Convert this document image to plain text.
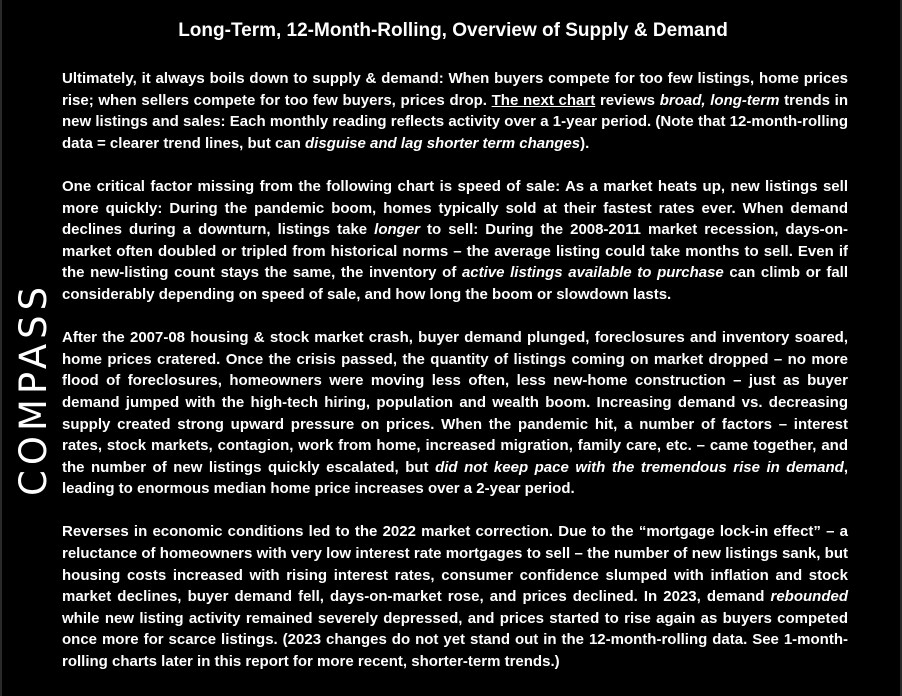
Long-Term, 12-Month-Rolling, Overview of Supply & Demand
COMPASS

Ultimately, it always boils down to supply & demand: When buyers compete for too few listings, home prices rise; when sellers compete for too few buyers, prices drop. The next chart reviews broad, long-term trends in new listings and sales: Each monthly reading reflects activity over a 1-year period. (Note that 12-month-rolling data = clearer trend lines, but can disguise and lag shorter term changes).

One critical factor missing from the following chart is speed of sale: As a market heats up, new listings sell more quickly: During the pandemic boom, homes typically sold at their fastest rates ever. When demand declines during a downturn, listings take longer to sell: During the 2008-2011 market recession, days-on-market often doubled or tripled from historical norms – the average listing could take months to sell. Even if the new-listing count stays the same, the inventory of active listings available to purchase can climb or fall considerably depending on speed of sale, and how long the boom or slowdown lasts.

After the 2007-08 housing & stock market crash, buyer demand plunged, foreclosures and inventory soared, home prices cratered. Once the crisis passed, the quantity of listings coming on market dropped – no more flood of foreclosures, homeowners were moving less often, less new-home construction – just as buyer demand jumped with the high-tech hiring, population and wealth boom. Increasing demand vs. decreasing supply created strong upward pressure on prices. When the pandemic hit, a number of factors – interest rates, stock markets, contagion, work from home, increased migration, family care, etc. – came together, and the number of new listings quickly escalated, but did not keep pace with the tremendous rise in demand, leading to enormous median home price increases over a 2-year period.

Reverses in economic conditions led to the 2022 market correction. Due to the “mortgage lock-in effect” – a reluctance of homeowners with very low interest rate mortgages to sell – the number of new listings sank, but housing costs increased with rising interest rates, consumer confidence slumped with inflation and stock market declines, buyer demand fell, days-on-market rose, and prices declined. In 2023, demand rebounded while new listing activity remained severely depressed, and prices started to rise again as buyers competed once more for scarce listings. (2023 changes do not yet stand out in the 12-month-rolling data. See 1-month-rolling charts later in this report for more recent, shorter-term trends.)
